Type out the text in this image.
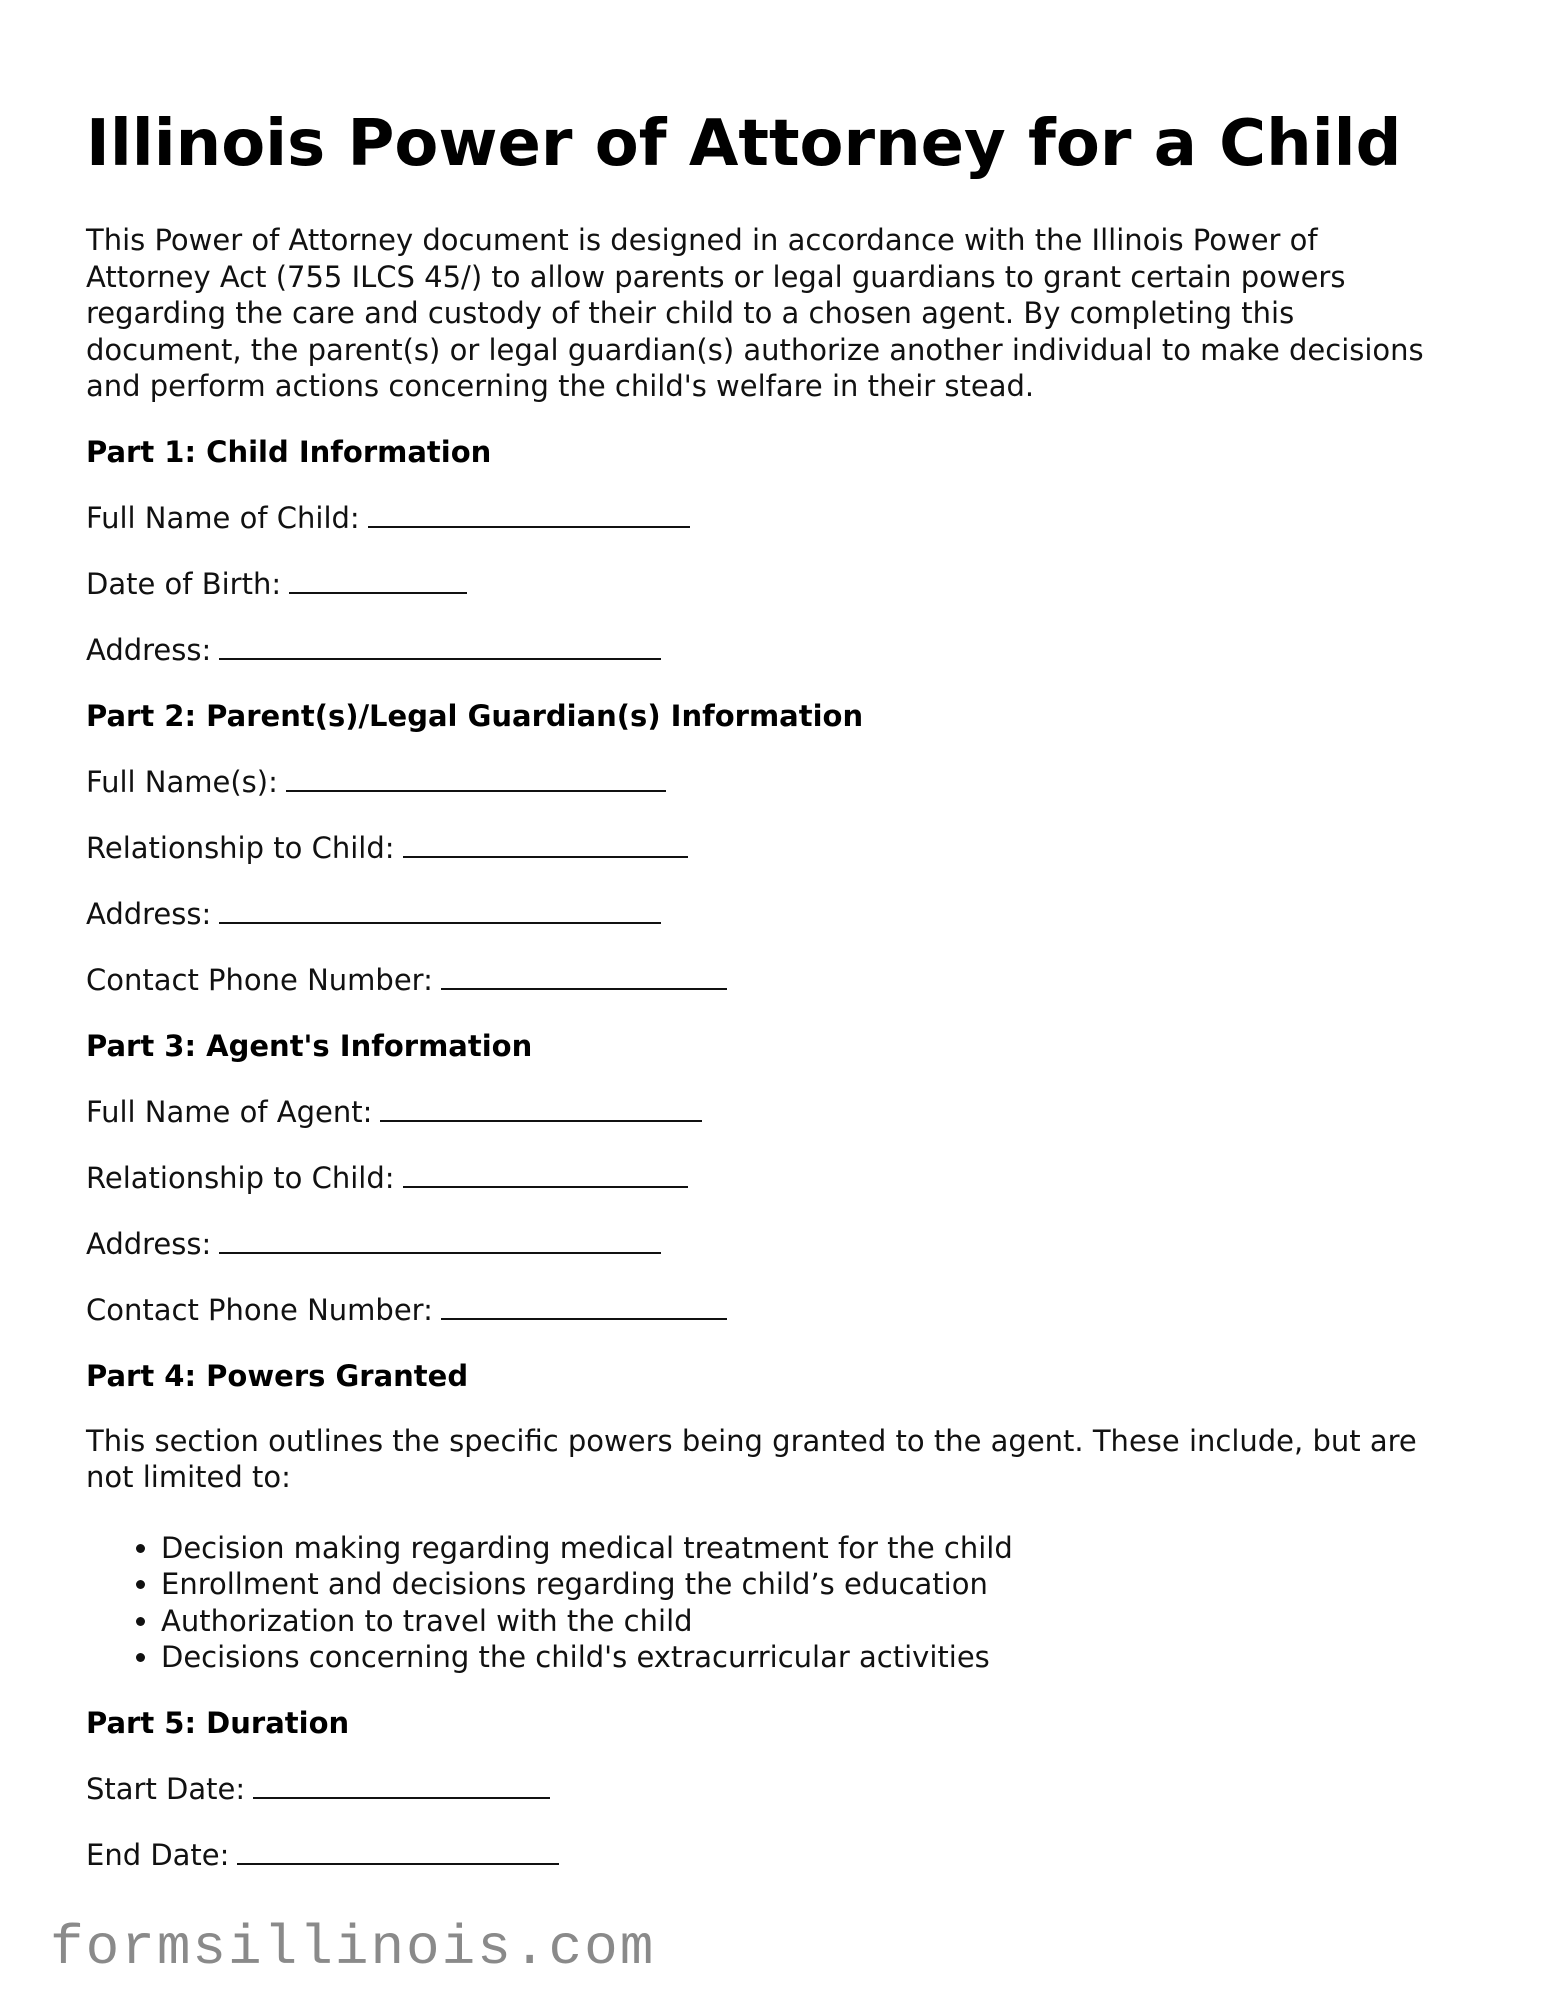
Illinois Power of Attorney for a Child

This Power of Attorney document is designed in accordance with the Illinois Power of Attorney Act (755 ILCS 45/) to allow parents or legal guardians to grant certain powers regarding the care and custody of their child to a chosen agent. By completing this document, the parent(s) or legal guardian(s) authorize another individual to make decisions and perform actions concerning the child's welfare in their stead.

Part 1: Child Information
Full Name of Child:
Date of Birth:
Address:
Part 2: Parent(s)/Legal Guardian(s) Information
Full Name(s):
Relationship to Child:
Address:
Contact Phone Number:
Part 3: Agent's Information
Full Name of Agent:
Relationship to Child:
Address:
Contact Phone Number:
Part 4: Powers Granted

This section outlines the specific powers being granted to the agent. These include, but are not limited to:

• Decision making regarding medical treatment for the child
• Enrollment and decisions regarding the child’s education
• Authorization to travel with the child
• Decisions concerning the child's extracurricular activities
Part 5: Duration
Start Date:
End Date:
formsillinois.com
